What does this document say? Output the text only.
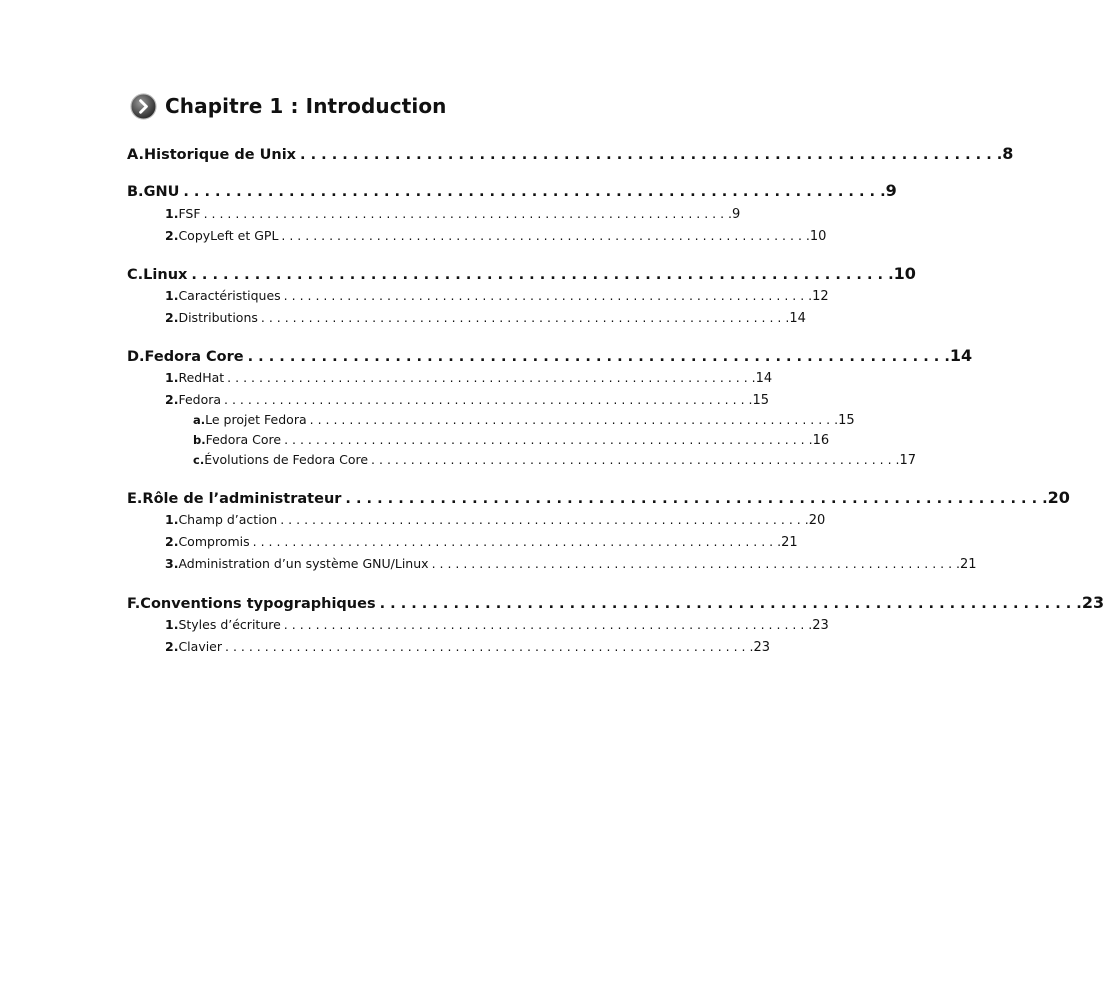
Chapitre 1 : Introduction
A. Historique de Unix . . . . . . . . . . . . . . . . . . . . . . . . . . . . . . . . . . . . . . . . . . . . . . . . . . . . . . . . . . . . . . . . . . . 8
B. GNU . . . . . . . . . . . . . . . . . . . . . . . . . . . . . . . . . . . . . . . . . . . . . . . . . . . . . . . . . . . . . . . . . . . 9
1. FSF . . . . . . . . . . . . . . . . . . . . . . . . . . . . . . . . . . . . . . . . . . . . . . . . . . . . . . . . . . . . . . . . . . . 9
2. CopyLeft et GPL . . . . . . . . . . . . . . . . . . . . . . . . . . . . . . . . . . . . . . . . . . . . . . . . . . . . . . . . . . . . . . . . . . . 10
C. Linux . . . . . . . . . . . . . . . . . . . . . . . . . . . . . . . . . . . . . . . . . . . . . . . . . . . . . . . . . . . . . . . . . . . 10
1. Caractéristiques . . . . . . . . . . . . . . . . . . . . . . . . . . . . . . . . . . . . . . . . . . . . . . . . . . . . . . . . . . . . . . . . . . . 12
2. Distributions . . . . . . . . . . . . . . . . . . . . . . . . . . . . . . . . . . . . . . . . . . . . . . . . . . . . . . . . . . . . . . . . . . . 14
D. Fedora Core . . . . . . . . . . . . . . . . . . . . . . . . . . . . . . . . . . . . . . . . . . . . . . . . . . . . . . . . . . . . . . . . . . . 14
1. RedHat . . . . . . . . . . . . . . . . . . . . . . . . . . . . . . . . . . . . . . . . . . . . . . . . . . . . . . . . . . . . . . . . . . . 14
2. Fedora . . . . . . . . . . . . . . . . . . . . . . . . . . . . . . . . . . . . . . . . . . . . . . . . . . . . . . . . . . . . . . . . . . . 15
a. Le projet Fedora . . . . . . . . . . . . . . . . . . . . . . . . . . . . . . . . . . . . . . . . . . . . . . . . . . . . . . . . . . . . . . . . . . . 15
b. Fedora Core . . . . . . . . . . . . . . . . . . . . . . . . . . . . . . . . . . . . . . . . . . . . . . . . . . . . . . . . . . . . . . . . . . . 16
c. Évolutions de Fedora Core . . . . . . . . . . . . . . . . . . . . . . . . . . . . . . . . . . . . . . . . . . . . . . . . . . . . . . . . . . . . . . . . . . . 17
E. Rôle de l’administrateur . . . . . . . . . . . . . . . . . . . . . . . . . . . . . . . . . . . . . . . . . . . . . . . . . . . . . . . . . . . . . . . . . . . 20
1. Champ d’action . . . . . . . . . . . . . . . . . . . . . . . . . . . . . . . . . . . . . . . . . . . . . . . . . . . . . . . . . . . . . . . . . . . 20
2. Compromis . . . . . . . . . . . . . . . . . . . . . . . . . . . . . . . . . . . . . . . . . . . . . . . . . . . . . . . . . . . . . . . . . . . 21
3. Administration d’un système GNU/Linux . . . . . . . . . . . . . . . . . . . . . . . . . . . . . . . . . . . . . . . . . . . . . . . . . . . . . . . . . . . . . . . . . . . 21
F. Conventions typographiques . . . . . . . . . . . . . . . . . . . . . . . . . . . . . . . . . . . . . . . . . . . . . . . . . . . . . . . . . . . . . . . . . . . 23
1. Styles d’écriture . . . . . . . . . . . . . . . . . . . . . . . . . . . . . . . . . . . . . . . . . . . . . . . . . . . . . . . . . . . . . . . . . . . 23
2. Clavier . . . . . . . . . . . . . . . . . . . . . . . . . . . . . . . . . . . . . . . . . . . . . . . . . . . . . . . . . . . . . . . . . . . 23
